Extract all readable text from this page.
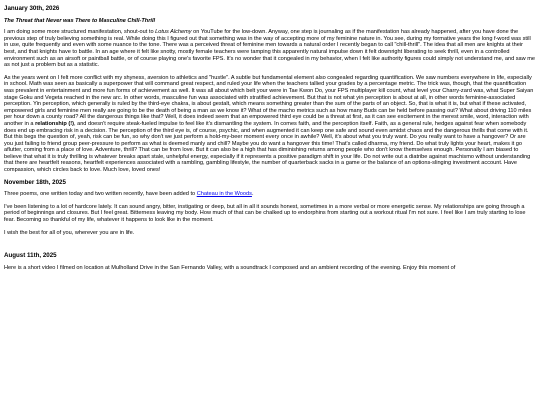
January 30th, 2026
The Threat that Never was There to Masculine Chill-Thrill

I am doing some more structured manifestation, shout-out to Lotus Alchemy on YouTube for the low-down. Anyway, one step is journaling as if the manifestation has already happened, after you have done the previous step of truly believing something is real. While doing this I figured out that something was in the way of accepting more of my feminine nature in. You see, during my formative years the long f-word was still in use, quite frequently and even with some nuance to the tone. There was a perceived threat of feminine men towards a natural order I recently began to call "chill-thrill". The idea that all men are knights at their best, and that knights have to battle. In an age where it felt like snotty, mostly female teachers were tamping this apparently natural impulse down it felt downright liberating to seek thrill, even in a controlled environment such as an airsoft or paintball battle, or of course playing one's favorite FPS. It's no wonder that it congealed in my behavior, when I felt like authority figures could simply not understand me, and saw me as not just a problem but as a statistic.

As the years went on I felt more conflict with my shyness, aversion to athletics and "hustle". A subtle but fundamental element also congealed regarding quantification. We saw numbers everywhere in life, especially in school. Math was seen as basically a superpower that will command great respect, and ruled your life when the teachers tallied your grades by a percentage metric. The trick was, though, that the quantification was prevalent in entertainment and more fun forms of achievement as well. It was all about which belt your were in Tae Kwon Do, your FPS multiplayer kill count, what level your Charry-zard was, what Super Saiyan stage Goku and Vegeta reached in the new arc. In other words, masculine fun was associated with stratified achievement. But that is not what yin perception is about at all, in other words feminine-associated perception. Yin perception, which generally is ruled by the third-eye chakra, is about gestalt, which means something greater than the sum of the parts of an object. So, that is what it is, but what if these activated, empowered girls and feminine men really are going to be the death of being a man as we know it? What of the macho metrics such as how many Buds can be held before passing out? What about driving 110 miles per hour down a county road? All the dangerous things like that? Well, it does indeed seem that an empowered third eye could be a threat at first, as it can see excitement in the merest smile, word, interaction with another in a relationship (!), and doesn't require steak-fueled impulse to feel like it's dismantling the system. In comes faith, and the perception itself. Faith, as a general rule, hedges against fear when somebody does end up embracing risk in a decision. The perception of the third eye is, of course, psychic, and when augmented it can keep one safe and sound even amidst chaos and the dangerous thrills that come with it. But this begs the question of, yeah, risk can be fun, so why don't we just perform a hold-my-beer moment every once in awhile? Well, it's about what you truly want. Do you really want to have a hangover? Or are you just failing to friend group peer-pressure to perform as what is deemed manly and chill? Maybe you do want a hangover this time! That's called dharma, my friend. Do what truly lights your heart, makes it go aflutter, coming from a place of love. Adventure, thrill? That can be from love. But it can also be a high that has diminishing returns among people who don't know themselves enough. Personally I am biased to believe that what it is truly thrilling is whatever breaks apart stale, unhelpful energy, especially if it represents a positive paradigm shift in your life. Do not write out a diatribe against machismo without understanding that there are heartfelt reasons, heartfelt experiences associated with a rambling, gambling lifestyle, the number of quarterback sacks in a game or the balance of an options-slinging investment account. Have compassion, which circles back to love. Much love, loved ones!

November 18th, 2025

Three poems, one written today and two written recently, have been added to Chateau in the Woods.

I've been listening to a lot of hardcore lately. It can sound angry, bitter, instigating or deep, but all in all it sounds honest, sometimes in a more verbal or more energetic sense. My relationships are going through a period of beginnings and closures. But I feel great. Bitterness leaving my body. How much of that can be chalked up to endorphins from starting out a workout ritual I'm not sure. I feel like I am truly starting to lose fear. Becoming so thankful of my life, whatever it happens to look like in the moment.

I wish the best for all of you, wherever you are in life.

August 11th, 2025
Here is a short video I filmed on location at Mulholland Drive in the San Fernando Valley, with a soundtrack I composed and an ambient recording of the evening. Enjoy this moment of
